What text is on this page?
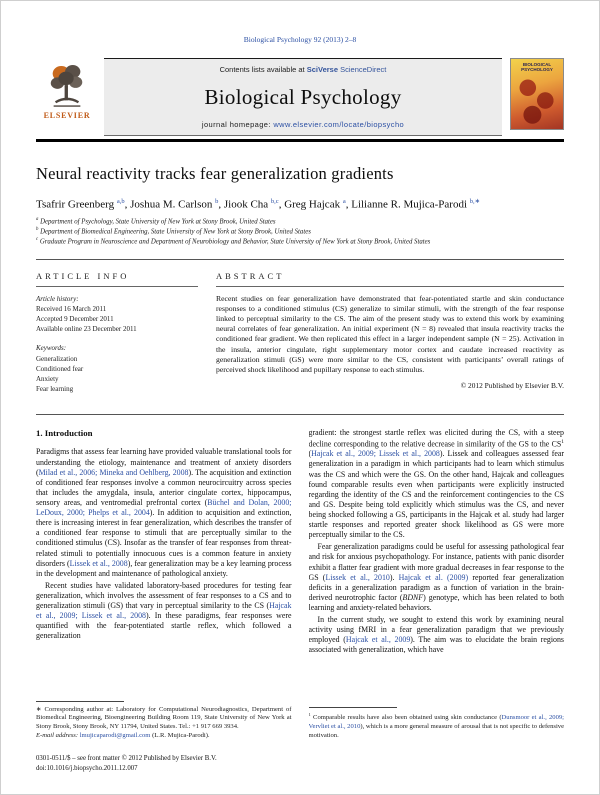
Biological Psychology 92 (2013) 2–8
ELSEVIER
Contents lists available at SciVerse ScienceDirect
Biological Psychology
journal homepage: www.elsevier.com/locate/biopsycho
BIOLOGICAL PSYCHOLOGY
Neural reactivity tracks fear generalization gradients
Tsafrir Greenberg $^{a,b}$, Joshua M. Carlson $^b$, Jiook Cha $^{b,c}$, Greg Hajcak $^a$, Lilianne R. Mujica-Parodi $^{b,∗}$

$^a$ Department of Psychology, State University of New York at Stony Brook, United States

$^b$ Department of Biomedical Engineering, State University of New York at Stony Brook, United States

$^c$ Graduate Program in Neuroscience and Department of Neurobiology and Behavior, State University of New York at Stony Brook, United States

ARTICLE INFO
Article history:
Received 16 March 2011
Accepted 9 December 2011
Available online 23 December 2011
Keywords:
Generalization
Conditioned fear
Anxiety
Fear learning
ABSTRACT

Recent studies on fear generalization have demonstrated that fear-potentiated startle and skin conductance responses to a conditioned stimulus (CS) generalize to similar stimuli, with the strength of the fear response linked to perceptual similarity to the CS. The aim of the present study was to extend this work by examining neural correlates of fear generalization. An initial experiment (N = 8) revealed that insula reactivity tracks the conditioned fear gradient. We then replicated this effect in a larger independent sample (N = 25). Activation in the insula, anterior cingulate, right supplementary motor cortex and caudate increased reactivity as generalization stimuli (GS) were more similar to the CS, consistent with participants’ overall ratings of perceived shock likelihood and pupillary response to each stimulus.

© 2012 Published by Elsevier B.V.
1. Introduction

Paradigms that assess fear learning have provided valuable translational tools for understanding the etiology, maintenance and treatment of anxiety disorders (Milad et al., 2006; Mineka and Oehlberg, 2008). The acquisition and extinction of conditioned fear responses involve a common neurocircuitry across species that includes the amygdala, insula, anterior cingulate cortex, hippocampus, sensory areas, and ventromedial prefrontal cortex (Büchel and Dolan, 2000; LeDoux, 2000; Phelps et al., 2004). In addition to acquisition and extinction, there is increasing interest in fear generalization, which describes the transfer of a conditioned fear response to stimuli that are perceptually similar to the conditioned stimulus (CS). Insofar as the transfer of fear responses from threat-related stimuli to potentially innocuous cues is a common feature in anxiety disorders (Lissek et al., 2008), fear generalization may be a key learning process in the development and maintenance of pathological anxiety.

Recent studies have validated laboratory-based procedures for testing fear generalization, which involves the assessment of fear responses to a CS and to generalization stimuli (GS) that vary in perceptual similarity to the CS (Hajcak et al., 2009; Lissek et al., 2008). In these paradigms, fear responses were quantified with the fear-potentiated startle reflex, which followed a generalization

∗ Corresponding author at: Laboratory for Computational Neurodiagnostics, Department of Biomedical Engineering, Bioengineering Building Room 119, State University of New York at Stony Brook, Stony Brook, NY 11794, United States. Tel.: +1 917 669 3934.

E-mail address: lmujicaparodi@gmail.com (L.R. Mujica-Parodi).

gradient: the strongest startle reflex was elicited during the CS, with a steep decline corresponding to the relative decrease in similarity of the GS to the $CS^1$ (Hajcak et al., 2009; Lissek et al., 2008). Lissek and colleagues assessed fear generalization in a paradigm in which participants had to learn which stimulus was the CS and which were the GS. On the other hand, Hajcak and colleagues found comparable results even when participants were explicitly instructed regarding the identity of the CS and the reinforcement contingencies to the CS and GS. Despite being told explicitly which stimulus was the CS, and never being shocked following a GS, participants in the Hajcak et al. study had larger startle responses and reported greater shock likelihood as GS were more perceptually similar to the CS.

Fear generalization paradigms could be useful for assessing pathological fear and risk for anxious psychopathology. For instance, patients with panic disorder exhibit a flatter fear gradient with more gradual decreases in fear response to the GS (Lissek et al., 2010). Hajcak et al. (2009) reported fear generalization deficits in a generalization paradigm as a function of variation in the brain-derived neurotrophic factor (BDNF) genotype, which has been related to both learning and anxiety-related behaviors.

In the current study, we sought to extend this work by examining neural activity using fMRI in a fear generalization paradigm that we previously employed (Hajcak et al., 2009). The aim was to elucidate the brain regions associated with generalization, which have

$^1$ Comparable results have also been obtained using skin conductance (Dunsmoor et al., 2009; Vervliet et al., 2010), which is a more general measure of arousal that is not specific to defensive motivation.

0301-0511/$ – see front matter © 2012 Published by Elsevier B.V.
doi:10.1016/j.biopsycho.2011.12.007
